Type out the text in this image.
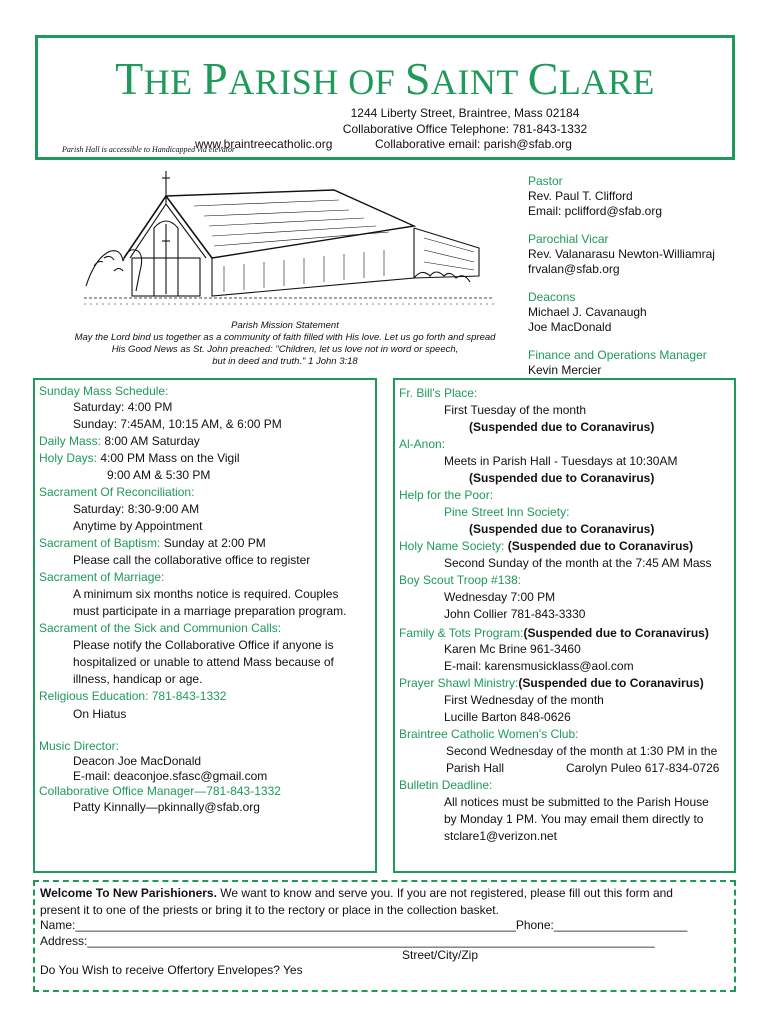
THE PARISH OF SAINT CLARE
1244 Liberty Street, Braintree, Mass 02184
Collaborative Office Telephone: 781-843-1332
www.braintreecatholic.org	Collaborative email: parish@sfab.org
Parish Hall is accessible to Handicapped via elevator
Parish Mission Statement
May the Lord bind us together as a community of faith filled with His love. Let us go forth and spread
His Good News as St. John preached: "Children, let us love not in word or speech,
but in deed and truth." 1 John 3:18
Pastor
Rev. Paul T. Clifford
Email: pclifford@sfab.org
Parochial Vicar
Rev. Valanarasu Newton-Williamraj
frvalan@sfab.org
Deacons
Michael J. Cavanaugh
Joe MacDonald
Finance and Operations Manager
Kevin Mercier
Sunday Mass Schedule:
Saturday: 4:00 PM
Sunday: 7:45AM, 10:15 AM, & 6:00 PM
Daily Mass: 8:00 AM Saturday
Holy Days: 4:00 PM Mass on the Vigil
9:00 AM & 5:30 PM
Sacrament Of Reconciliation:
Saturday: 8:30-9:00 AM
Anytime by Appointment
Sacrament of Baptism: Sunday at 2:00 PM
Please call the collaborative office to register
Sacrament of Marriage:
A minimum six months notice is required. Couples
must participate in a marriage preparation program.
Sacrament of the Sick and Communion Calls:
Please notify the Collaborative Office if anyone is
hospitalized or unable to attend Mass because of
illness, handicap or age.
Religious Education: 781-843-1332
On Hiatus
Music Director:
Deacon Joe MacDonald
E-mail: deaconjoe.sfasc@gmail.com
Collaborative Office Manager—781-843-1332
Patty Kinnally—pkinnally@sfab.org
Fr. Bill's Place:
First Tuesday of the month
(Suspended due to Coranavirus)
Al-Anon:
Meets in Parish Hall - Tuesdays at 10:30AM
(Suspended due to Coranavirus)
Help for the Poor:
Pine Street Inn Society:
(Suspended due to Coranavirus)
Holy Name Society: (Suspended due to Coranavirus)
Second Sunday of the month at the 7:45 AM Mass
Boy Scout Troop #138:
Wednesday 7:00 PM
John Collier 781-843-3330
Family & Tots Program:(Suspended due to Coranavirus)
Karen Mc Brine 961-3460
E-mail: karensmusicklass@aol.com
Prayer Shawl Ministry:(Suspended due to Coranavirus)
First Wednesday of the month
Lucille Barton 848-0626
Braintree Catholic Women's Club:
Second Wednesday of the month at 1:30 PM in the
Parish Hall	Carolyn Puleo 617-834-0726
Bulletin Deadline:
All notices must be submitted to the Parish House
by Monday 1 PM. You may email them directly to
stclare1@verizon.net
Welcome To New Parishioners. We want to know and serve you. If you are not registered, please fill out this form and
present it to one of the priests or bring it to the rectory or place in the collection basket.
Name:__________________________________________________________________Phone:____________________
Address:_____________________________________________________________________________________
Street/City/Zip
Do You Wish to receive Offertory Envelopes? Yes
